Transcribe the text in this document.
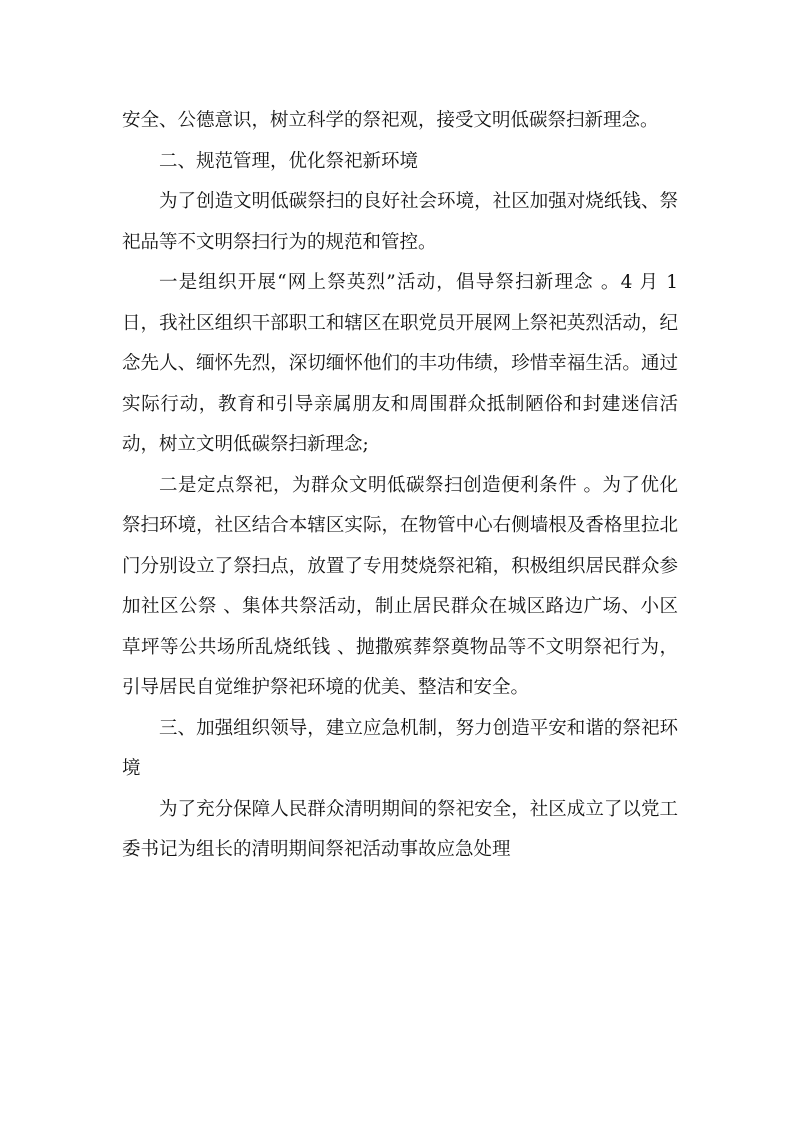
安全、公德意识，树立科学的祭祀观，接受文明低碳祭扫新理念。

二、规范管理，优化祭祀新环境

为了创造文明低碳祭扫的良好社会环境，社区加强对烧纸钱、祭祀品等不文明祭扫行为的规范和管控。

一是组织开展“网上祭英烈”活动，倡导祭扫新理念 。4 月 1 日，我社区组织干部职工和辖区在职党员开展网上祭祀英烈活动，纪念先人、缅怀先烈，深切缅怀他们的丰功伟绩，珍惜幸福生活。通过实际行动，教育和引导亲属朋友和周围群众抵制陋俗和封建迷信活动，树立文明低碳祭扫新理念;

二是定点祭祀，为群众文明低碳祭扫创造便利条件 。为了优化祭扫环境，社区结合本辖区实际，在物管中心右侧墙根及香格里拉北门分别设立了祭扫点，放置了专用焚烧祭祀箱，积极组织居民群众参加社区公祭 、集体共祭活动，制止居民群众在城区路边广场、小区草坪等公共场所乱烧纸钱 、抛撒殡葬祭奠物品等不文明祭祀行为，引导居民自觉维护祭祀环境的优美、整洁和安全。

三、加强组织领导，建立应急机制，努力创造平安和谐的祭祀环境

为了充分保障人民群众清明期间的祭祀安全，社区成立了以党工委书记为组长的清明期间祭祀活动事故应急处理
